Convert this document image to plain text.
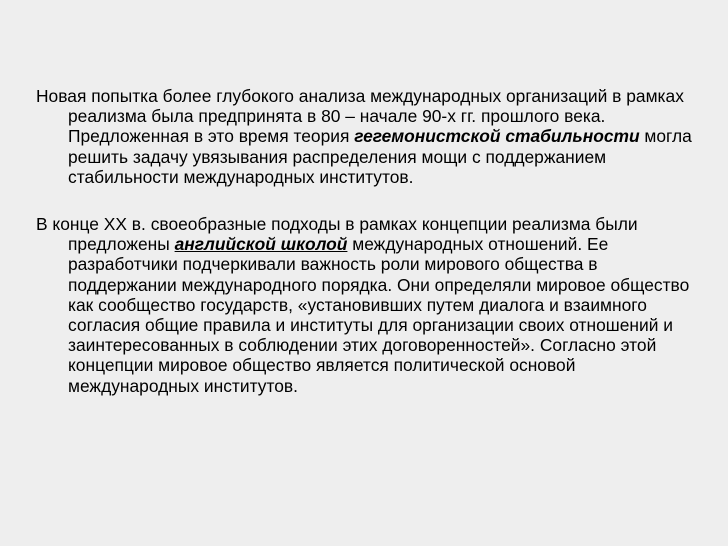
Новая попытка более глубокого анализа международных организаций в рамках реализма была предпринята в 80 – начале 90-х гг. прошлого века. Предложенная в это время теория гегемонистской стабильности могла решить задачу увязывания распределения мощи с поддержанием стабильности международных институтов.

В конце XX в. своеобразные подходы в рамках концепции реализма были предложены английской школой международных отношений. Ее разработчики подчеркивали важность роли мирового общества в поддержании международного порядка. Они определяли мировое общество как сообщество государств, «установивших путем диалога и взаимного согласия общие правила и институты для организации своих отношений и заинтересованных в соблюдении этих договоренностей». Согласно этой концепции мировое общество является политической основой международных институтов.
